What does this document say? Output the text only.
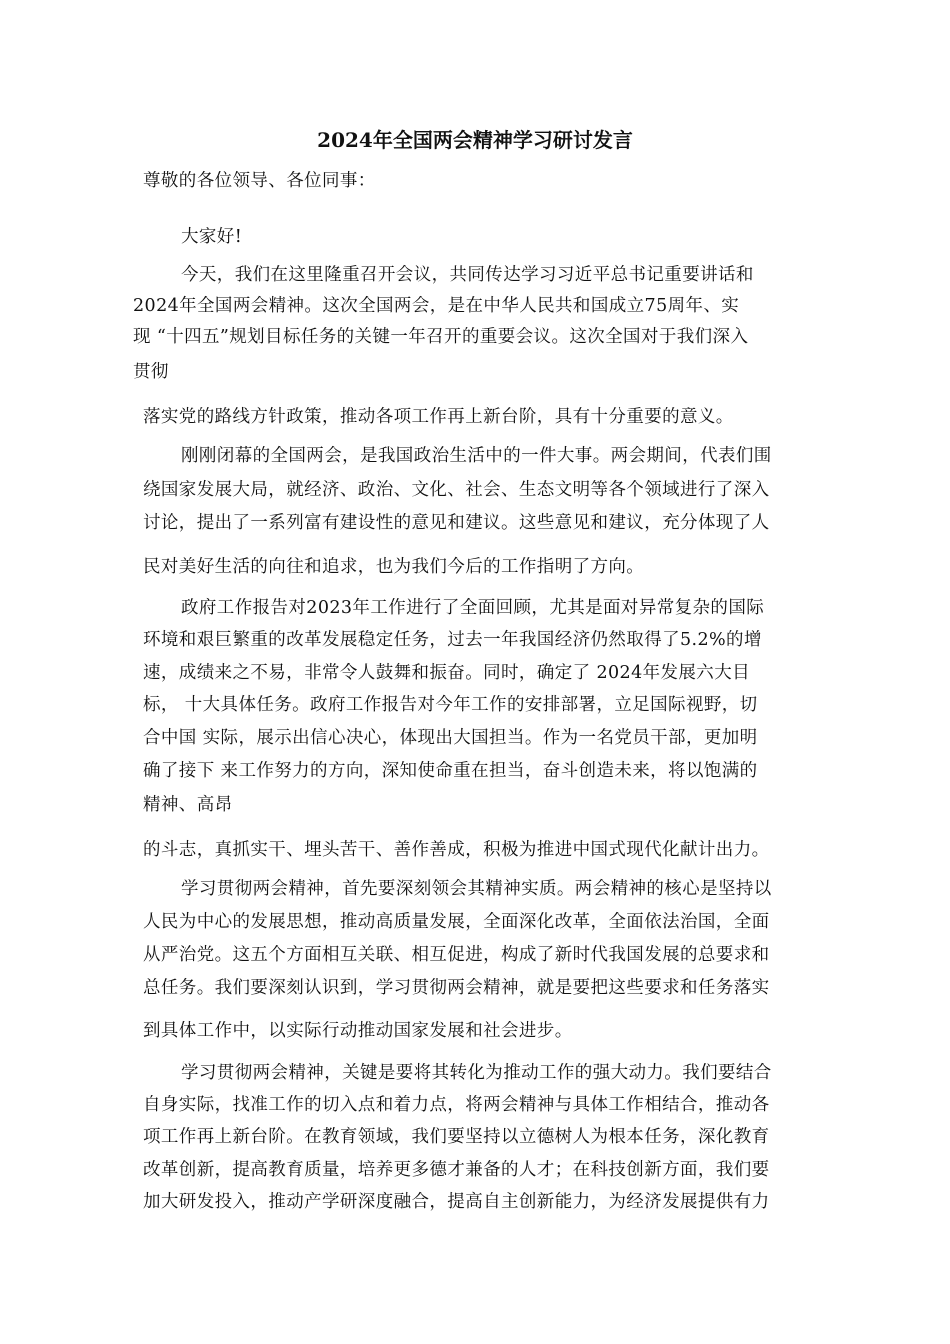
2024年全国两会精神学习研讨发言
尊敬的各位领导、各位同事：
大家好!
今天，我们在这里隆重召开会议，共同传达学习习近平总书记重要讲话和
2024年全国两会精神。这次全国两会，是在中华人民共和国成立75周年、实
现 “十四五”规划目标任务的关键一年召开的重要会议。这次全国对于我们深入
贯彻
落实党的路线方针政策，推动各项工作再上新台阶，具有十分重要的意义。
刚刚闭幕的全国两会，是我国政治生活中的一件大事。两会期间，代表们围
绕国家发展大局，就经济、政治、文化、社会、生态文明等各个领域进行了深入
讨论，提出了一系列富有建设性的意见和建议。这些意见和建议，充分体现了人
民对美好生活的向往和追求，也为我们今后的工作指明了方向。
政府工作报告对2023年工作进行了全面回顾，尤其是面对异常复杂的国际
环境和艰巨繁重的改革发展稳定任务，过去一年我国经济仍然取得了5.2%的增
速，成绩来之不易，非常令人鼓舞和振奋。同时，确定了 2024年发展六大目
标， 十大具体任务。政府工作报告对今年工作的安排部署，立足国际视野，切
合中国 实际，展示出信心决心，体现出大国担当。作为一名党员干部，更加明
确了接下 来工作努力的方向，深知使命重在担当，奋斗创造未来，将以饱满的
精神、高昂
的斗志，真抓实干、埋头苦干、善作善成，积极为推进中国式现代化献计出力。
学习贯彻两会精神，首先要深刻领会其精神实质。两会精神的核心是坚持以
人民为中心的发展思想，推动高质量发展，全面深化改革，全面依法治国，全面
从严治党。这五个方面相互关联、相互促进，构成了新时代我国发展的总要求和
总任务。我们要深刻认识到，学习贯彻两会精神，就是要把这些要求和任务落实
到具体工作中，以实际行动推动国家发展和社会进步。
学习贯彻两会精神，关键是要将其转化为推动工作的强大动力。我们要结合
自身实际，找准工作的切入点和着力点，将两会精神与具体工作相结合，推动各
项工作再上新台阶。在教育领域，我们要坚持以立德树人为根本任务，深化教育
改革创新，提高教育质量，培养更多德才兼备的人才；在科技创新方面，我们要
加大研发投入，推动产学研深度融合，提高自主创新能力，为经济发展提供有力
